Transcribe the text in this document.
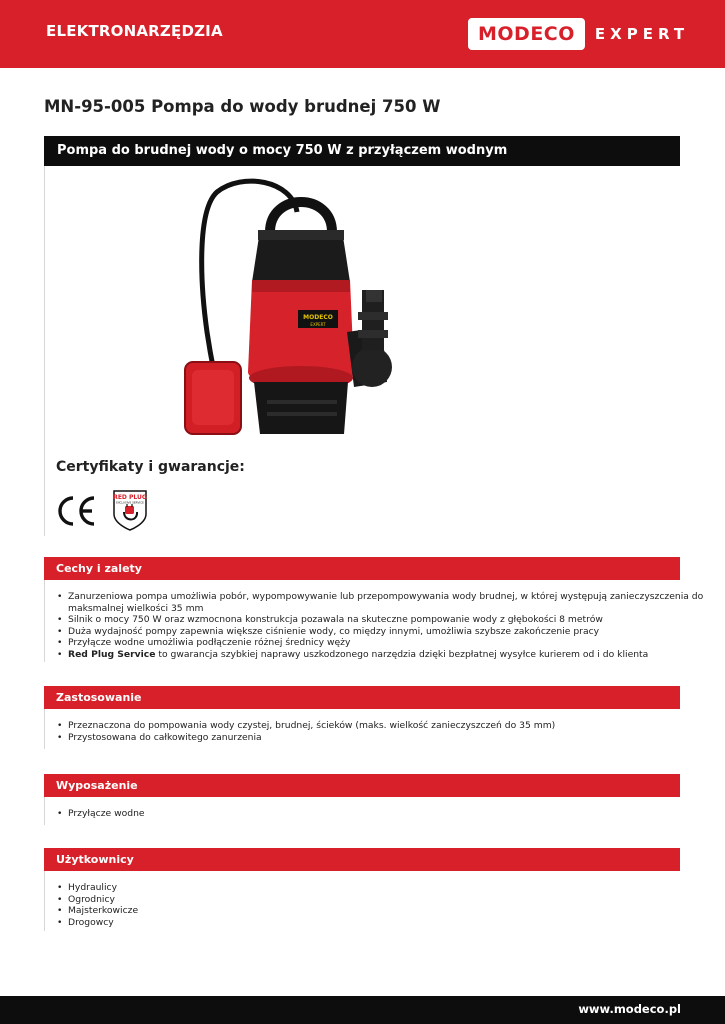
ELEKTRONARZĘDZIA	MODECO	EXPERT
MN-95-005 Pompa do wody brudnej 750 W
Pompa do brudnej wody o mocy 750 W z przyłączem wodnym
MODECO
EXPERT
Certyfikaty i gwarancje:
RED PLUG
EXCLUSIVE SERVICE
Cechy i zalety
• Zanurzeniowa pompa umożliwia pobór, wypompowywanie lub przepompowywania wody brudnej, w której występują zanieczyszczenia do
maksmalnej wielkości 35 mm
• Silnik o mocy 750 W oraz wzmocnona konstrukcja pozawala na skuteczne pompowanie wody z głębokości 8 metrów
• Duża wydajność pompy zapewnia większe ciśnienie wody, co między innymi, umożliwia szybsze zakończenie pracy
• Przyłącze wodne umożliwia podłączenie różnej średnicy węży
• Red Plug Service to gwarancja szybkiej naprawy uszkodzonego narzędzia dzięki bezpłatnej wysyłce kurierem od i do klienta
Zastosowanie
• Przeznaczona do pompowania wody czystej, brudnej, ścieków (maks. wielkość zanieczyszczeń do 35 mm)
• Przystosowana do całkowitego zanurzenia
Wyposażenie
• Przyłącze wodne
Użytkownicy
• Hydraulicy
• Ogrodnicy
• Majsterkowicze
• Drogowcy
www.modeco.pl
